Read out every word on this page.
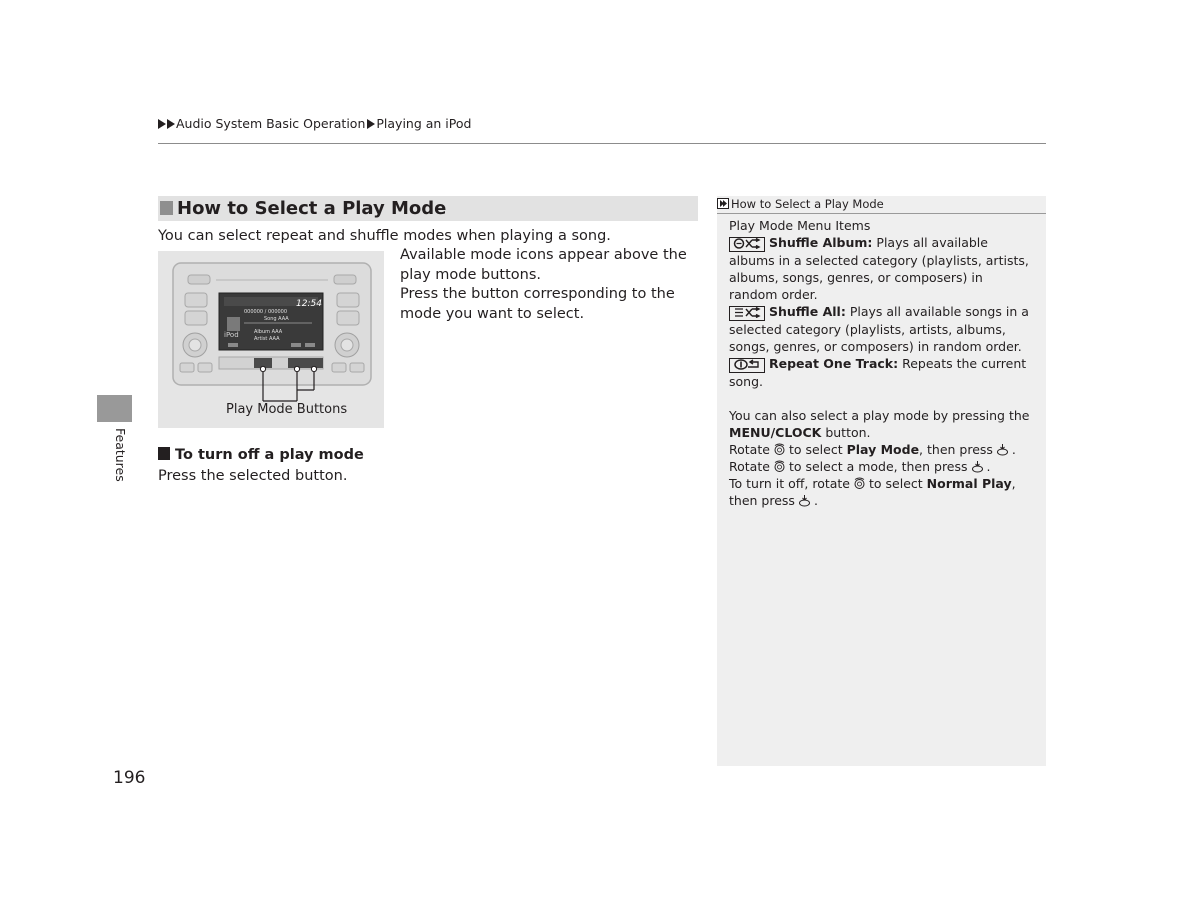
Audio System Basic Operation Playing an iPod
How to Select a Play Mode
You can select repeat and shuffle modes when playing a song.

Available mode icons appear above the play mode buttons.

Press the button corresponding to the mode you want to select.

12:54
000000 / 000000
Song AAA
iPod	Album AAA
Artist AAA
Play Mode Buttons
To turn off a play mode
Press the selected button.
Features
196
How to Select a Play Mode

Play Mode Menu Items

Shuffle Album: Plays all available albums in a selected category (playlists, artists, albums, songs, genres, or composers) in random order.

Shuffle All: Plays all available songs in a selected category (playlists, artists, albums, songs, genres, or composers) in random order.

Repeat One Track: Repeats the current song.

You can also select a play mode by pressing the MENU/CLOCK button.

Rotate to select Play Mode, then press .

Rotate to select a mode, then press .

To turn it off, rotate to select Normal Play, then press .
